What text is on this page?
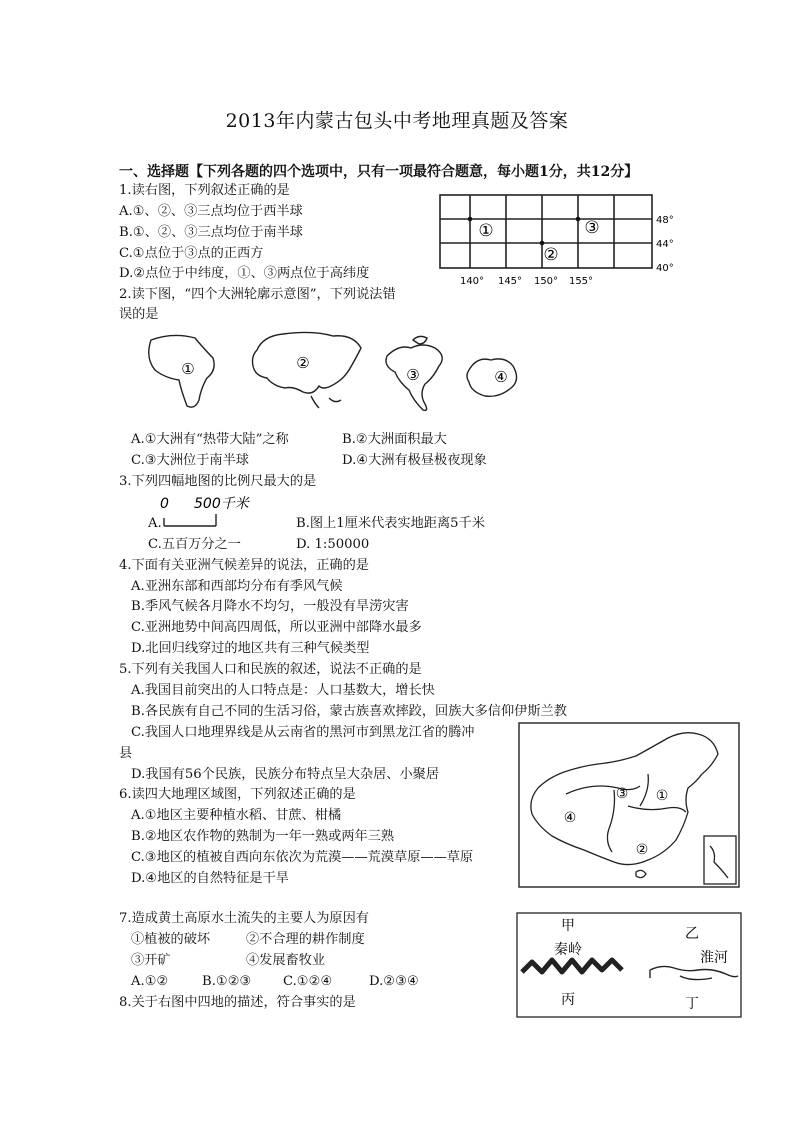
2013年内蒙古包头中考地理真题及答案
一、选择题【下列各题的四个选项中，只有一项最符合题意，每小题1分，共12分】
1.读右图，下列叙述正确的是
A.①、②、③三点均位于西半球
B.①、②、③三点均位于南半球
C.①点位于③点的正西方
D.②点位于中纬度，①、③两点位于高纬度
①
②
③	48°
44°
40°
140° 145° 150° 155°
2.读下图，“四个大洲轮廓示意图”，下列说法错
误的是
①	②
③	④
A.①大洲有“热带大陆”之称	B.②大洲面积最大
C.③大洲位于南半球	D.④大洲有极昼极夜现象
3.下列四幅地图的比例尺最大的是
0 500千米
A.	B.图上1厘米代表实地距离5千米
C.五百万分之一	D. 1:50000
4.下面有关亚洲气候差异的说法，正确的是
A.亚洲东部和西部均分布有季风气候
B.季风气候各月降水不均匀，一般没有旱涝灾害
C.亚洲地势中间高四周低，所以亚洲中部降水最多
D.北回归线穿过的地区共有三种气候类型
5.下列有关我国人口和民族的叙述，说法不正确的是
A.我国目前突出的人口特点是：人口基数大，增长快
B.各民族有自己不同的生活习俗，蒙古族喜欢摔跤，回族大多信仰伊斯兰教
C.我国人口地理界线是从云南省的黑河市到黑龙江省的腾冲
县
D.我国有56个民族，民族分布特点呈大杂居、小聚居
④
③ ①
②
6.读四大地理区域图，下列叙述正确的是
A.①地区主要种植水稻、甘蔗、柑橘
B.②地区农作物的熟制为一年一熟或两年三熟
C.③地区的植被自西向东依次为荒漠——荒漠草原——草原
D.④地区的自然特征是干旱
7.造成黄土高原水土流失的主要人为原因有
①植被的破坏	②不合理的耕作制度
③开矿	④发展畜牧业
A.①②	B.①②③ C.①②④	D.②③④
8.关于右图中四地的描述，符合事实的是
甲	乙
秦岭	淮河
丙	丁
